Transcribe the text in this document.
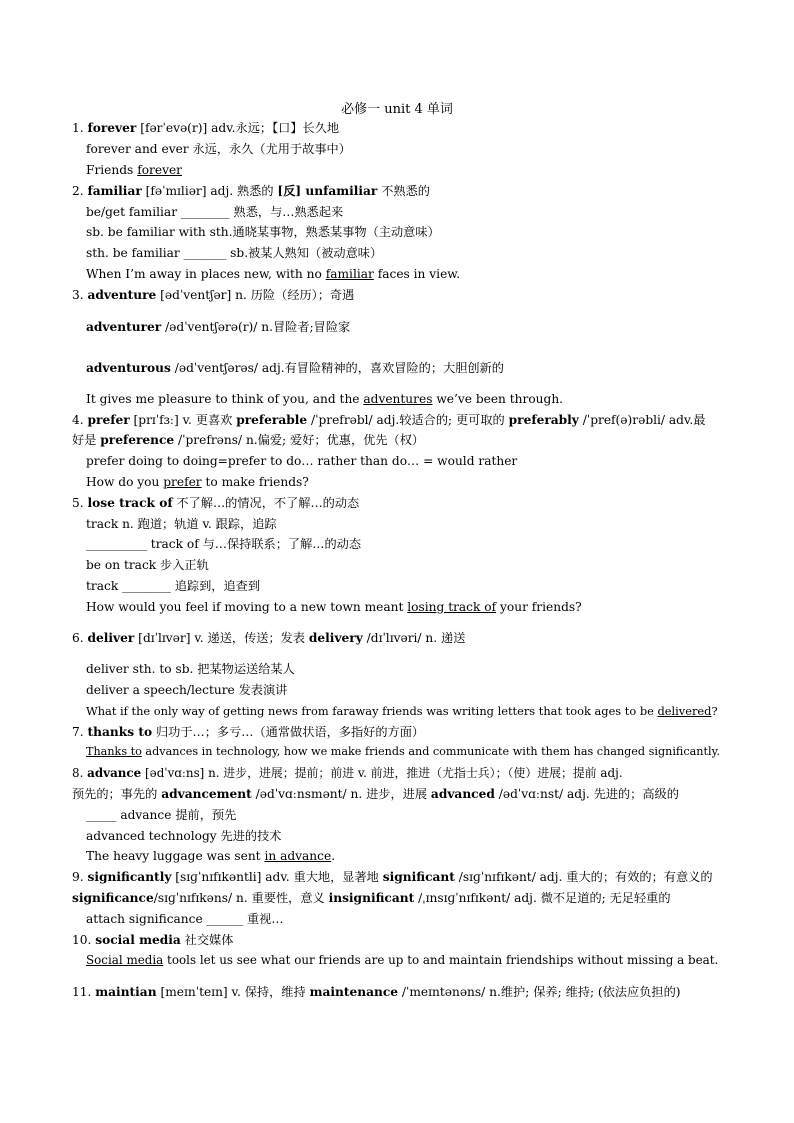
必修一 unit 4 单词
1. forever [fərˈevə(r)] adv.永远；【口】长久地
forever and ever 永远，永久（尤用于故事中）
Friends forever
2. familiar [fəˈmɪliər] adj. 熟悉的 [反] unfamiliar 不熟悉的
be/get familiar ________ 熟悉，与…熟悉起来
sb. be familiar with sth.通晓某事物，熟悉某事物（主动意味）
sth. be familiar _______ sb.被某人熟知（被动意味）
When I’m away in places new, with no familiar faces in view.
3. adventure [ədˈventʃər] n. 历险（经历）；奇遇
adventurer /ədˈventʃərə(r)/ n.冒险者;冒险家
adventurous /ədˈventʃərəs/ adj.有冒险精神的，喜欢冒险的；大胆创新的
It gives me pleasure to think of you, and the adventures we’ve been through.
4. prefer [prɪˈfɜː] v. 更喜欢 preferable /ˈprefrəbl/ adj.较适合的; 更可取的 preferably /ˈpref(ə)rəbli/ adv.最
好是 preference /ˈprefrəns/ n.偏爱; 爱好；优惠，优先（权）
prefer doing to doing=prefer to do… rather than do… = would rather
How do you prefer to make friends?
5. lose track of 不了解…的情况，不了解…的动态
track n. 跑道；轨道 v. 跟踪，追踪
__________ track of 与…保持联系；了解…的动态
be on track 步入正轨
track ________ 追踪到，追查到
How would you feel if moving to a new town meant losing track of your friends?
6. deliver [dɪˈlɪvər] v. 递送，传送；发表 delivery /dɪˈlɪvəri/ n. 递送
deliver sth. to sb. 把某物运送给某人
deliver a speech/lecture 发表演讲
What if the only way of getting news from faraway friends was writing letters that took ages to be delivered?
7. thanks to 归功于…；多亏…（通常做状语，多指好的方面）
Thanks to advances in technology, how we make friends and communicate with them has changed significantly.
8. advance [ədˈvɑːns] n. 进步，进展；提前；前进 v. 前进，推进（尤指士兵）；（使）进展；提前 adj.
预先的；事先的 advancement /ədˈvɑːnsmənt/ n. 进步，进展 advanced /ədˈvɑːnst/ adj. 先进的；高级的
_____ advance 提前，预先
advanced technology 先进的技术
The heavy luggage was sent in advance.
9. significantly [sɪɡˈnɪfɪkəntli] adv. 重大地，显著地 significant /sɪɡˈnɪfɪkənt/ adj. 重大的；有效的；有意义的
significance/sɪɡˈnɪfɪkəns/ n. 重要性，意义 insignificant /ˌɪnsɪɡˈnɪfɪkənt/ adj. 微不足道的; 无足轻重的
attach significance ______ 重视…
10. social media 社交媒体
Social media tools let us see what our friends are up to and maintain friendships without missing a beat.
11. maintian [meɪnˈteɪn] v. 保持，维持 maintenance /ˈmeɪntənəns/ n.维护; 保养; 维持; (依法应负担的)
